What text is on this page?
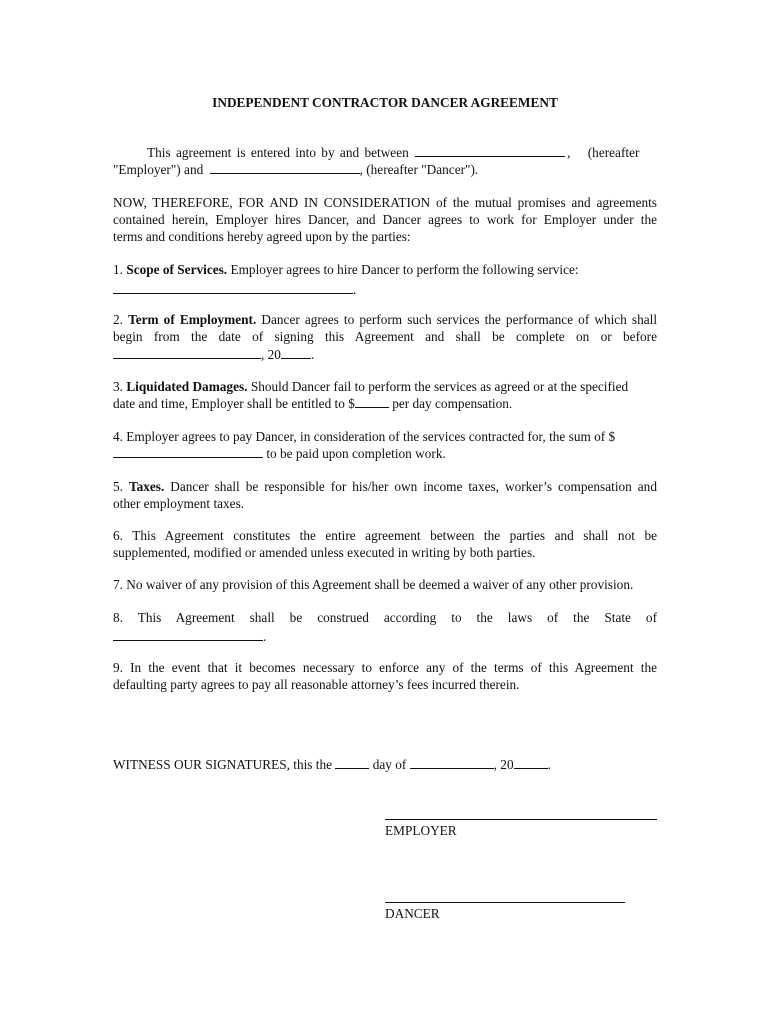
INDEPENDENT CONTRACTOR DANCER AGREEMENT
This agreement is entered into by and between	, (hereafter
"Employer") and	, (hereafter "Dancer").
NOW, THEREFORE, FOR AND IN CONSIDERATION of the mutual promises and agreements
contained herein, Employer hires Dancer, and Dancer agrees to work for Employer under the
terms and conditions hereby agreed upon by the parties:
1. Scope of Services. Employer agrees to hire Dancer to perform the following service:
.
2. Term of Employment. Dancer agrees to perform such services the performance of which shall
begin from the date of signing this Agreement and shall be complete on or before
, 20 .
3. Liquidated Damages. Should Dancer fail to perform the services as agreed or at the specified
date and time, Employer shall be entitled to $	per day compensation.
4. Employer agrees to pay Dancer, in consideration of the services contracted for, the sum of $
to be paid upon completion work.
5. Taxes. Dancer shall be responsible for his/her own income taxes, worker’s compensation and
other employment taxes.
6. This Agreement constitutes the entire agreement between the parties and shall not be
supplemented, modified or amended unless executed in writing by both parties.
7. No waiver of any provision of this Agreement shall be deemed a waiver of any other provision.
8. This Agreement shall be construed according to the laws of the State of
.
9. In the event that it becomes necessary to enforce any of the terms of this Agreement the
defaulting party agrees to pay all reasonable attorney’s fees incurred therein.
WITNESS OUR SIGNATURES, this the	day of	, 20	.
EMPLOYER
DANCER
